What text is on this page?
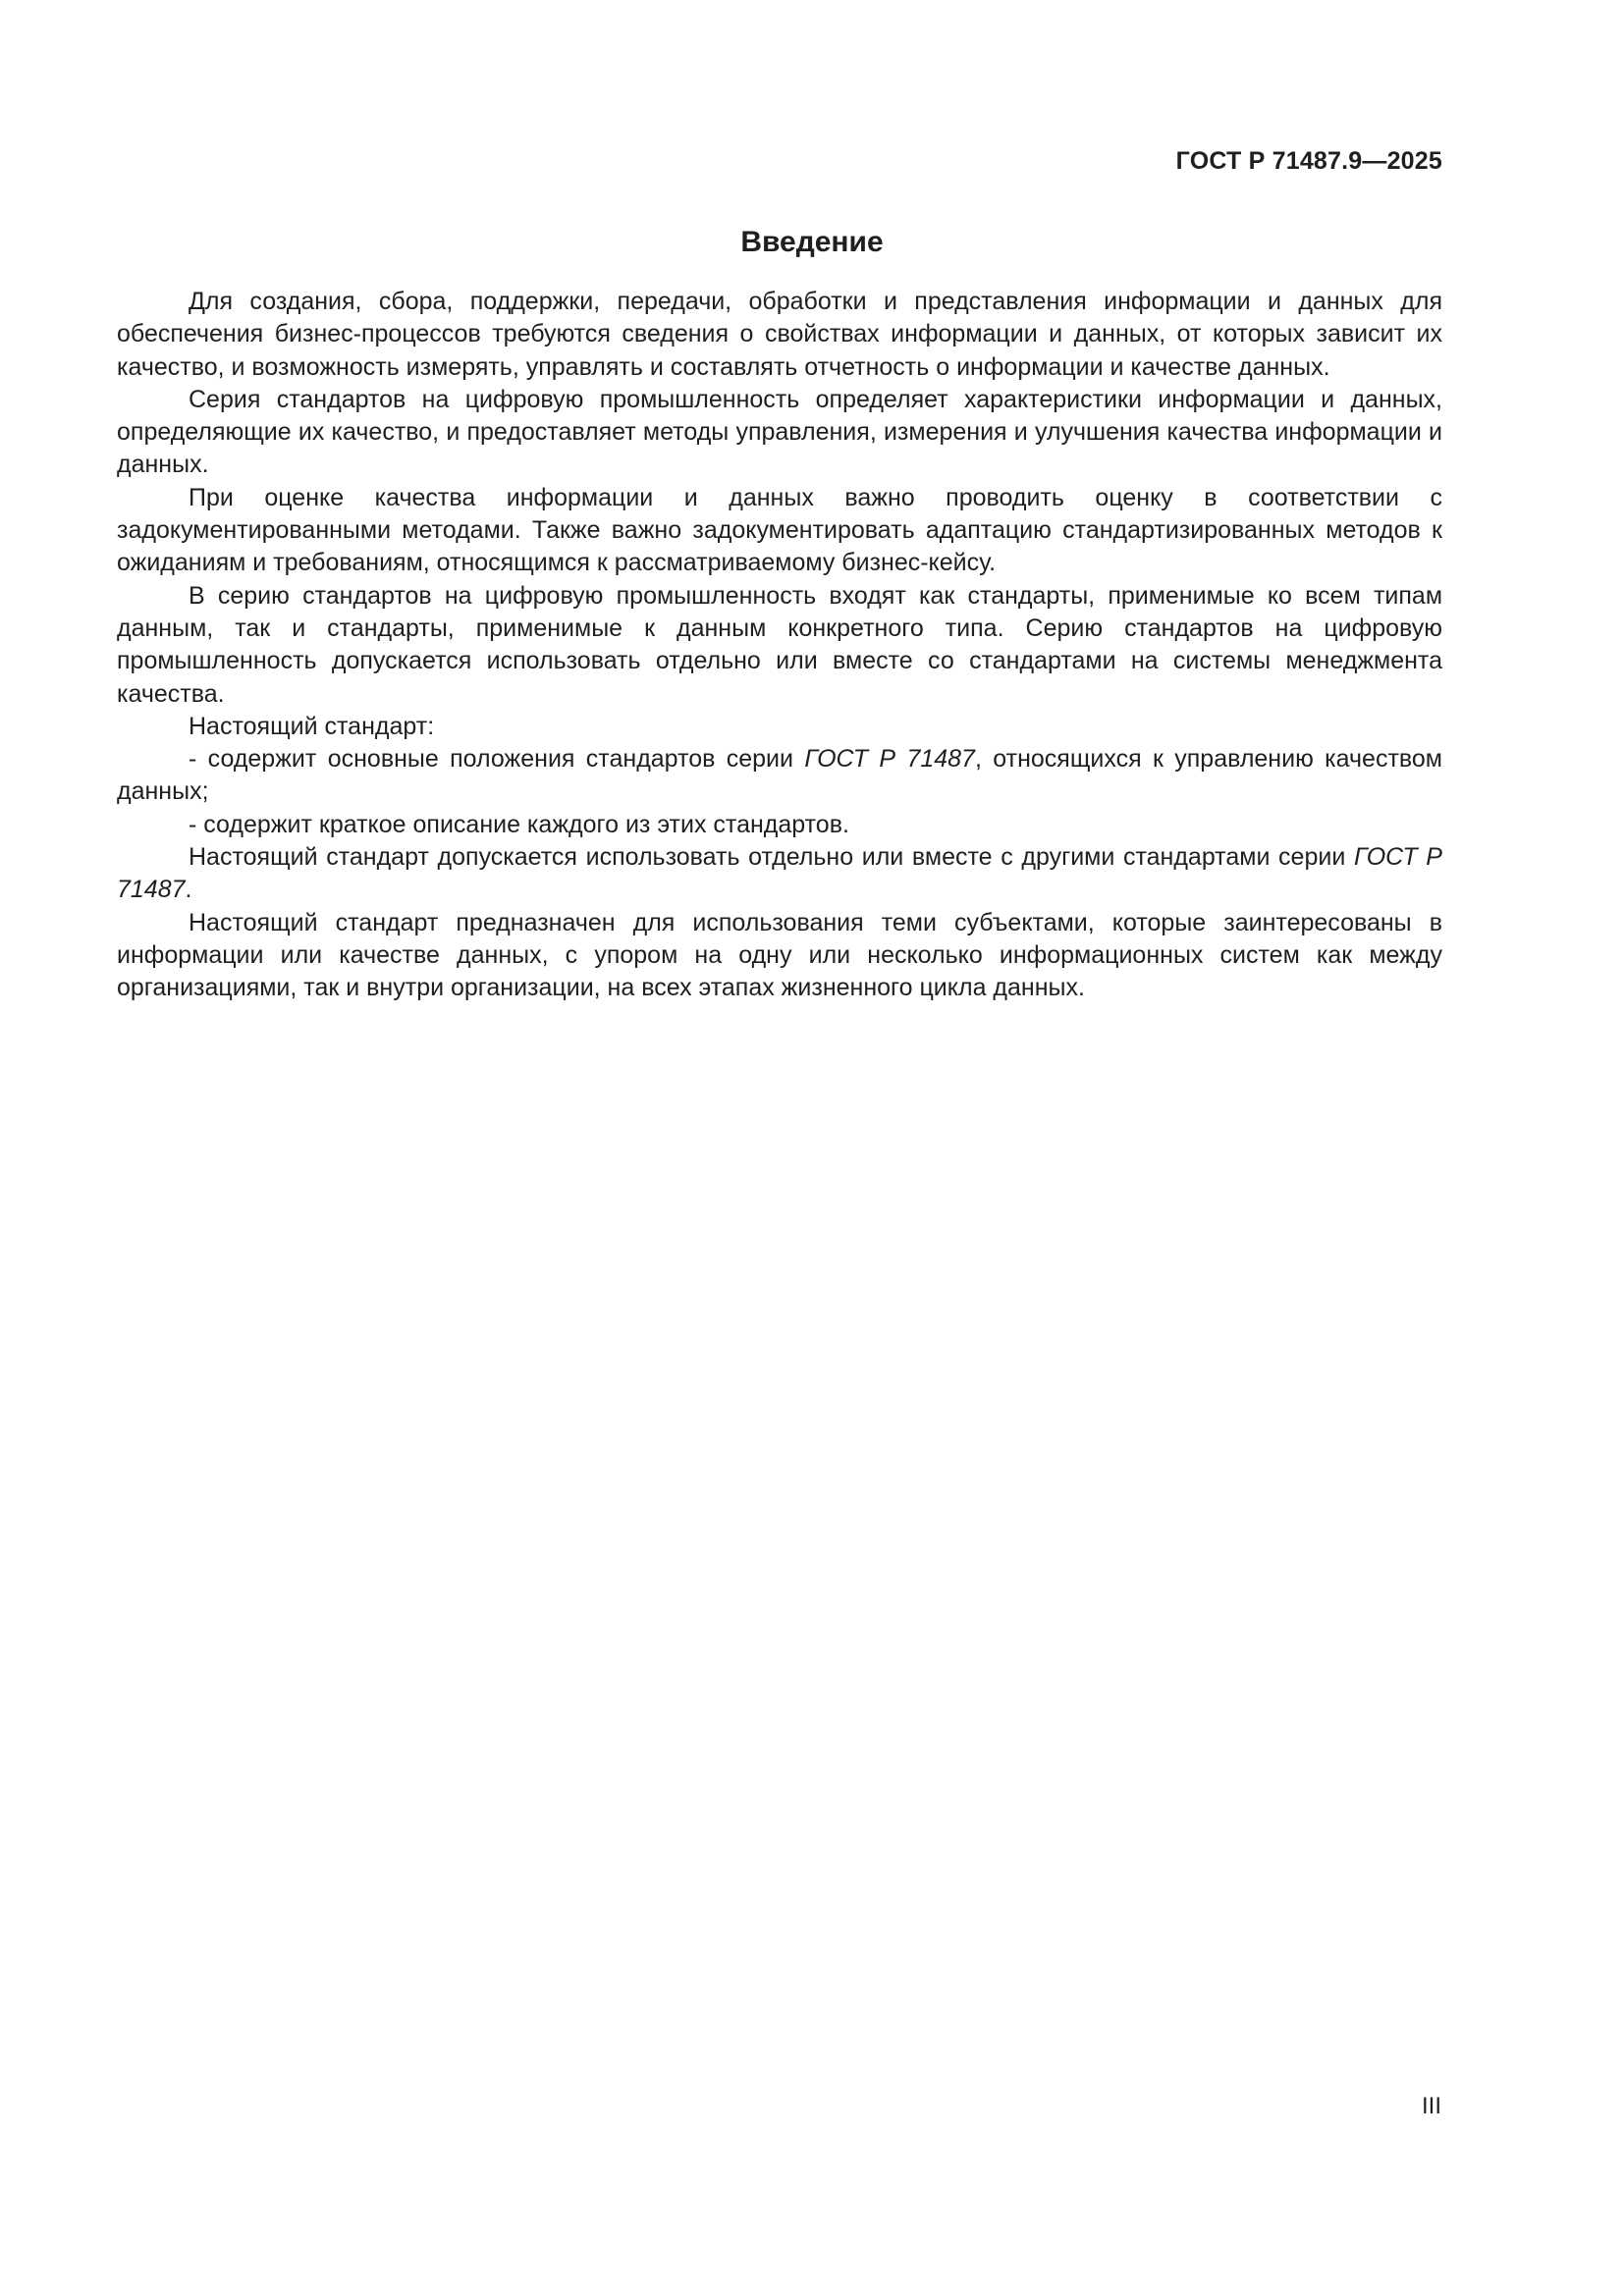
ГОСТ Р 71487.9—2025
Введение

Для создания, сбора, поддержки, передачи, обработки и представления информации и данных для обеспечения бизнес-процессов требуются сведения о свойствах информации и данных, от которых зависит их качество, и возможность измерять, управлять и составлять отчетность о информации и качестве данных.

Серия стандартов на цифровую промышленность определяет характеристики информации и данных, определяющие их качество, и предоставляет методы управления, измерения и улучшения качества информации и данных.

При оценке качества информации и данных важно проводить оценку в соответствии с задокументированными методами. Также важно задокументировать адаптацию стандартизированных методов к ожиданиям и требованиям, относящимся к рассматриваемому бизнес-кейсу.

В серию стандартов на цифровую промышленность входят как стандарты, применимые ко всем типам данным, так и стандарты, применимые к данным конкретного типа. Серию стандартов на цифровую промышленность допускается использовать отдельно или вместе со стандартами на системы менеджмента качества.

Настоящий стандарт:

- содержит основные положения стандартов серии ГОСТ Р 71487, относящихся к управлению качеством данных;

- содержит краткое описание каждого из этих стандартов.

Настоящий стандарт допускается использовать отдельно или вместе с другими стандартами серии ГОСТ Р 71487.

Настоящий стандарт предназначен для использования теми субъектами, которые заинтересованы в информации или качестве данных, с упором на одну или несколько информационных систем как между организациями, так и внутри организации, на всех этапах жизненного цикла данных.

III
